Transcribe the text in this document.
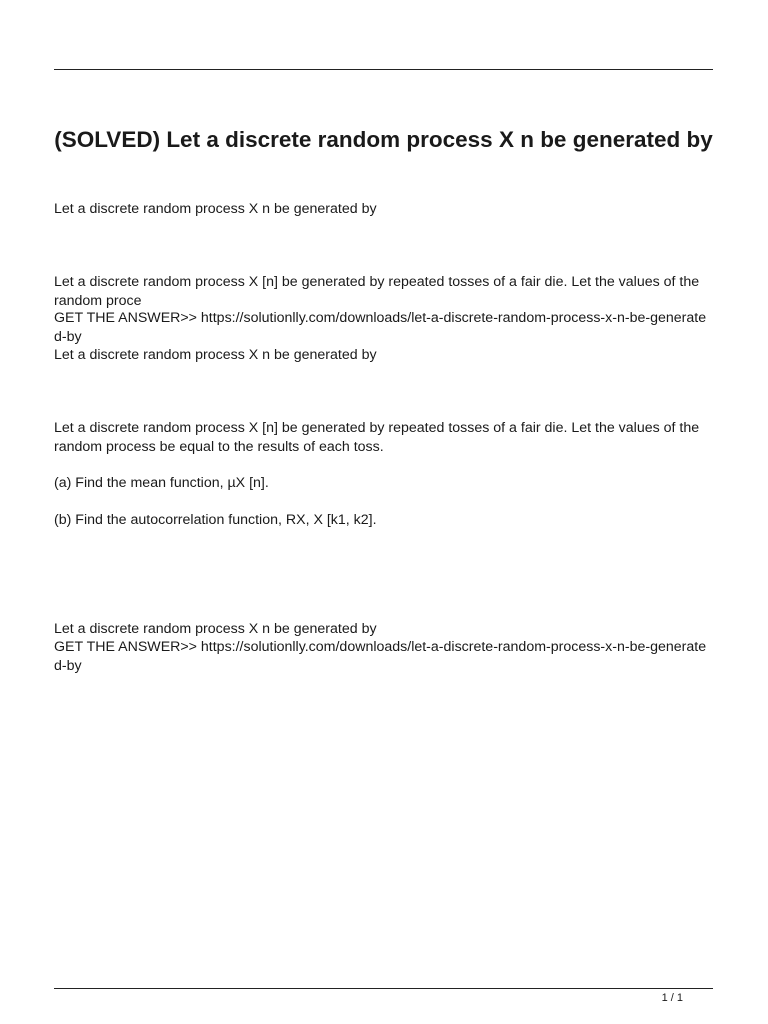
(SOLVED) Let a discrete random process X n be generated by

Let a discrete random process X n be generated by

Let a discrete random process X [n] be generated by repeated tosses of a fair die. Let the values of the random proce

GET THE ANSWER>> https://solutionlly.com/downloads/let-a-discrete-random-process-x-n-be-generated-by

Let a discrete random process X n be generated by

Let a discrete random process X [n] be generated by repeated tosses of a fair die. Let the values of the random process be equal to the results of each toss.

(a) Find the mean function, µX [n].

(b) Find the autocorrelation function, RX, X [k1, k2].

Let a discrete random process X n be generated by

GET THE ANSWER>> https://solutionlly.com/downloads/let-a-discrete-random-process-x-n-be-generated-by

1 / 1
